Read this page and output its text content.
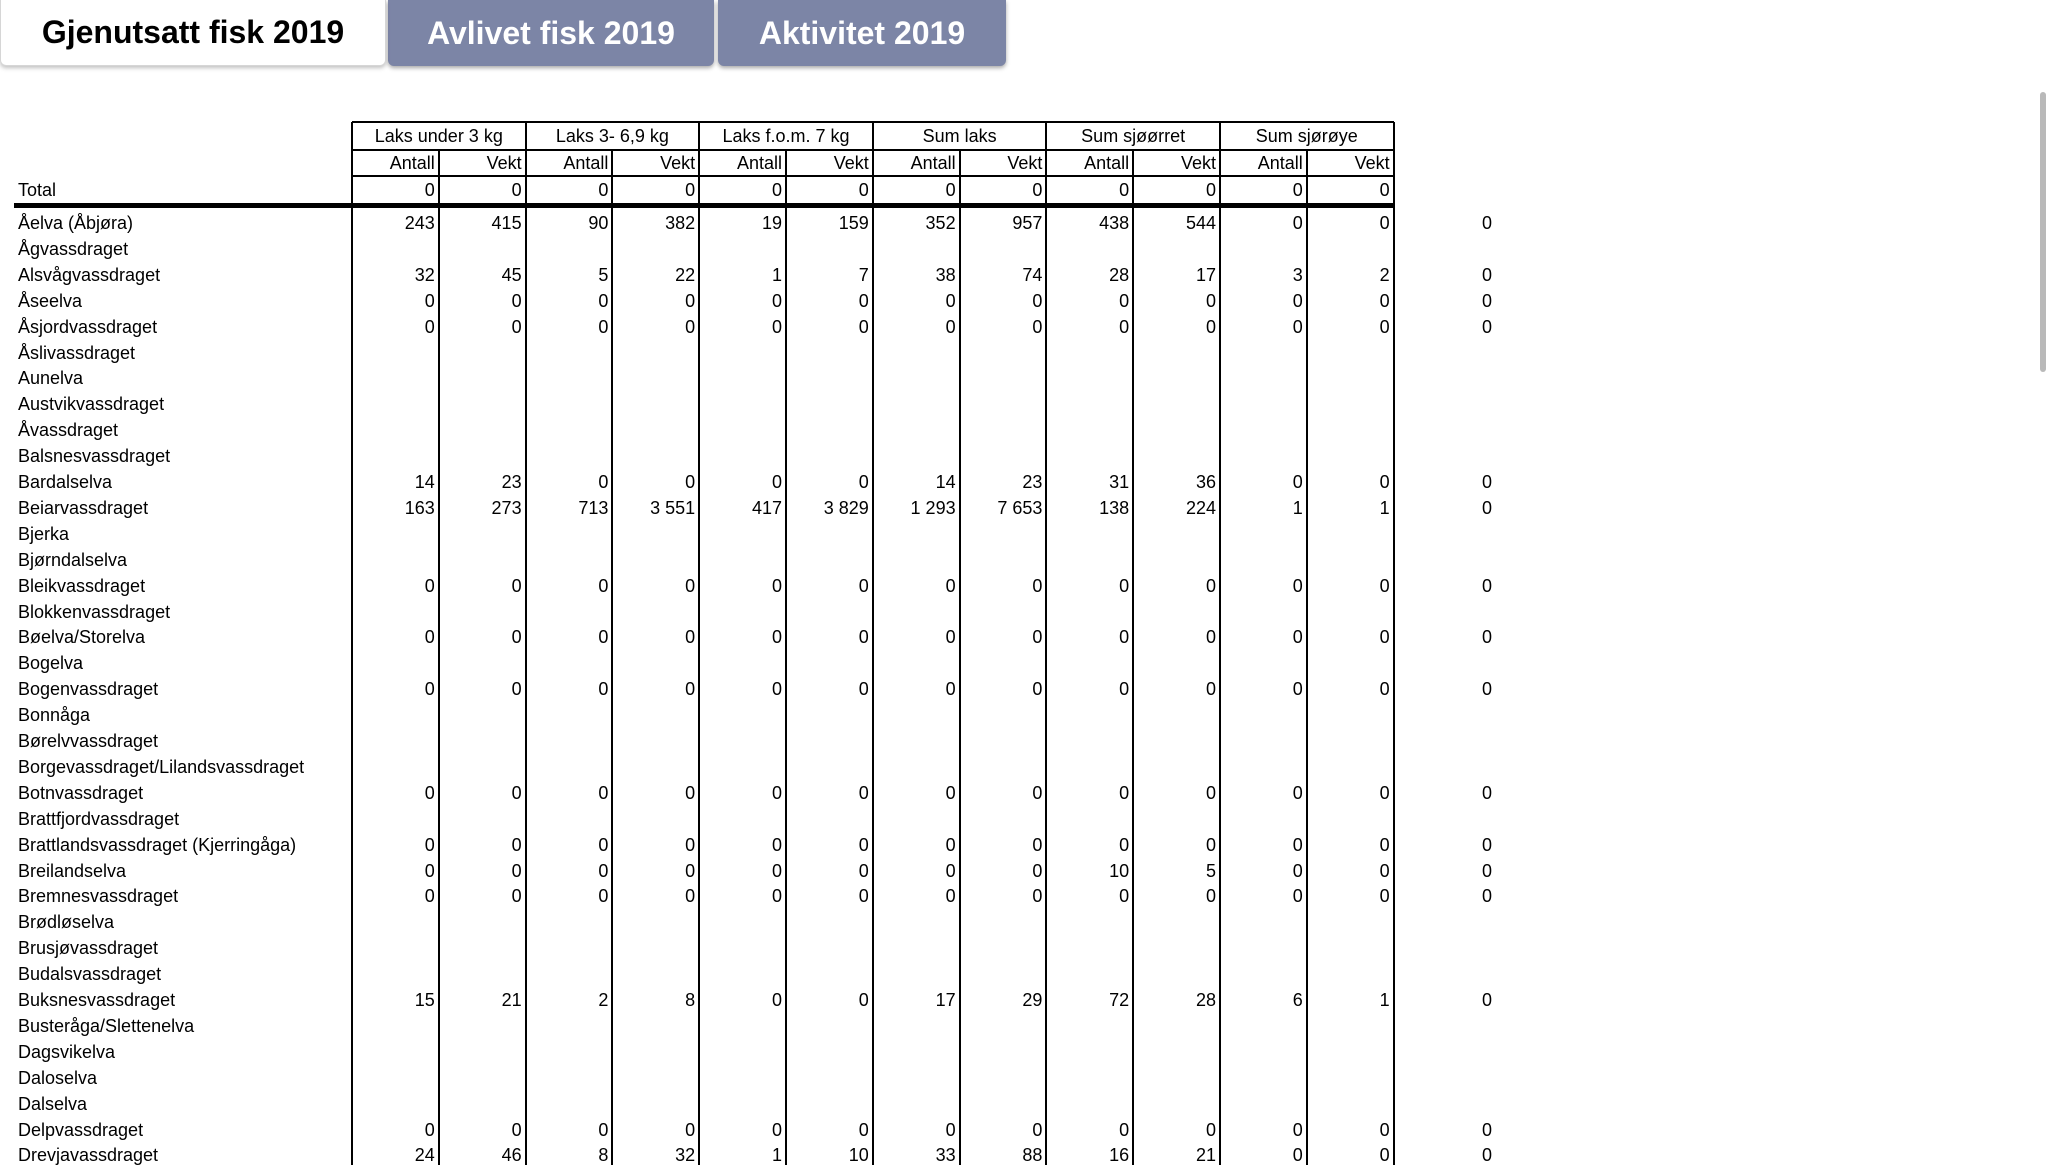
Gjenutsatt fisk 2019	Avlivet fisk 2019	Aktivitet 2019
Laks under 3 kg	Laks 3- 6,9 kg	Laks f.o.m. 7 kg	Sum laks	Sum sjøørret	Sum sjørøye
Antall	Vekt	Antall	Vekt	Antall	Vekt	Antall	Vekt	Antall	Vekt	Antall	Vekt
Total	0	0	0	0	0	0	0	0	0	0	0	0
Åelva (Åbjøra)	243	415	90	382	19	159	352	957	438	544	0	0	0
Ågvassdraget
Alsvågvassdraget	32	45	5	22	1	7	38	74	28	17	3	2	0
Åseelva	0	0	0	0	0	0	0	0	0	0	0	0	0
Åsjordvassdraget	0	0	0	0	0	0	0	0	0	0	0	0	0
Åslivassdraget
Aunelva
Austvikvassdraget
Åvassdraget
Balsnesvassdraget
Bardalselva	14	23	0	0	0	0	14	23	31	36	0	0	0
Beiarvassdraget	163	273	713	3 551	417	3 829	1 293	7 653	138	224	1	1	0
Bjerka
Bjørndalselva
Bleikvassdraget	0	0	0	0	0	0	0	0	0	0	0	0	0
Blokkenvassdraget
Bøelva/Storelva	0	0	0	0	0	0	0	0	0	0	0	0	0
Bogelva
Bogenvassdraget	0	0	0	0	0	0	0	0	0	0	0	0	0
Bonnåga
Børelvvassdraget
Borgevassdraget/Lilandsvassdraget
Botnvassdraget	0	0	0	0	0	0	0	0	0	0	0	0	0
Brattfjordvassdraget
Brattlandsvassdraget (Kjerringåga)	0	0	0	0	0	0	0	0	0	0	0	0	0
Breilandselva	0	0	0	0	0	0	0	0	10	5	0	0	0
Bremnesvassdraget	0	0	0	0	0	0	0	0	0	0	0	0	0
Brødløselva
Brusjøvassdraget
Budalsvassdraget
Buksnesvassdraget	15	21	2	8	0	0	17	29	72	28	6	1	0
Busteråga/Slettenelva
Dagsvikelva
Daloselva
Dalselva
Delpvassdraget	0	0	0	0	0	0	0	0	0	0	0	0	0
Drevjavassdraget	24	46	8	32	1	10	33	88	16	21	0	0	0
